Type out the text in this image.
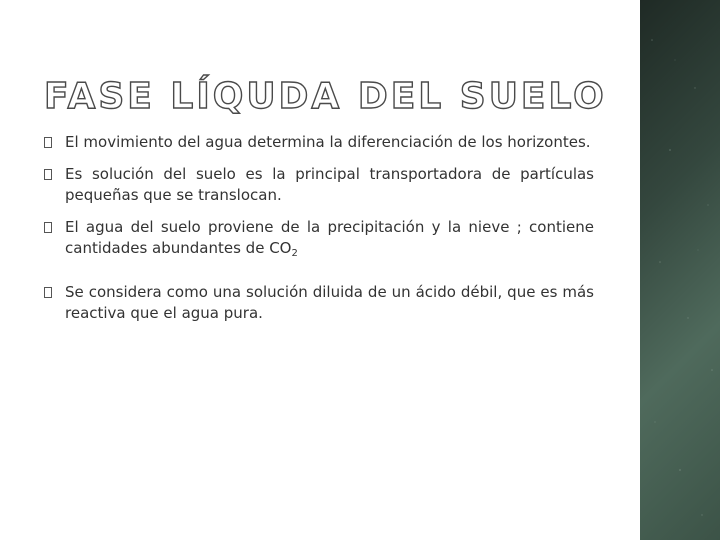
FASE LÍQUDA DEL SUELO
El movimiento del agua determina la diferenciación de los horizontes.
Es solución del suelo es la principal transportadora de partículas pequeñas que se translocan.
El agua del suelo proviene de la precipitación y la nieve ; contiene cantidades abundantes de $CO_2$
Se considera como una solución diluida de un ácido débil, que es más reactiva que el agua pura.
